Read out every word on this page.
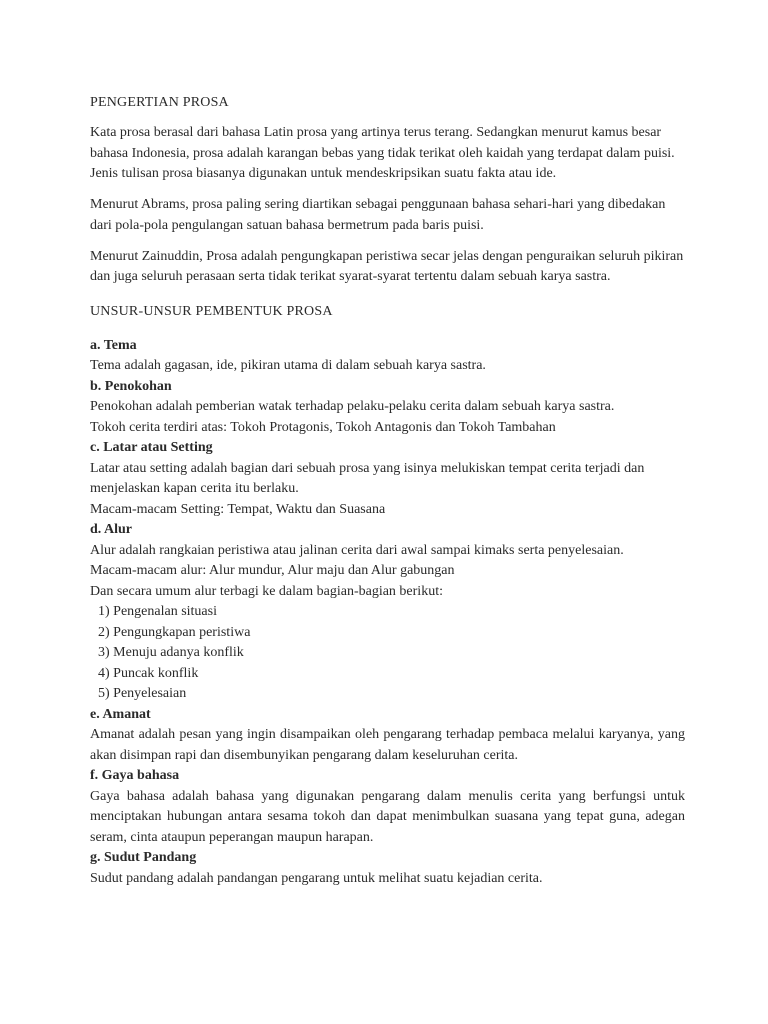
PENGERTIAN PROSA
Kata prosa berasal dari bahasa Latin prosa yang artinya terus terang. Sedangkan menurut kamus besar bahasa Indonesia, prosa adalah karangan bebas yang tidak terikat oleh kaidah yang terdapat dalam puisi. Jenis tulisan prosa biasanya digunakan untuk mendeskripsikan suatu fakta atau ide.
Menurut Abrams, prosa paling sering diartikan sebagai penggunaan bahasa sehari-hari yang dibedakan dari pola-pola pengulangan satuan bahasa bermetrum pada baris puisi.
Menurut Zainuddin, Prosa adalah pengungkapan peristiwa secar jelas dengan penguraikan seluruh pikiran dan juga seluruh perasaan serta tidak terikat syarat-syarat tertentu dalam sebuah karya sastra.
UNSUR-UNSUR PEMBENTUK PROSA
a. Tema
Tema adalah gagasan, ide, pikiran utama di dalam sebuah karya sastra.
b. Penokohan
Penokohan adalah pemberian watak terhadap pelaku-pelaku cerita dalam sebuah karya sastra.
Tokoh cerita terdiri atas: Tokoh Protagonis, Tokoh Antagonis dan Tokoh Tambahan
c. Latar atau Setting
Latar atau setting adalah bagian dari sebuah prosa yang isinya melukiskan tempat cerita terjadi dan menjelaskan kapan cerita itu berlaku.
Macam-macam Setting: Tempat, Waktu dan Suasana
d. Alur
Alur adalah rangkaian peristiwa atau jalinan cerita dari awal sampai kimaks serta penyelesaian.
Macam-macam alur: Alur mundur, Alur maju dan Alur gabungan
Dan secara umum alur terbagi ke dalam bagian-bagian berikut:
1) Pengenalan situasi
2) Pengungkapan peristiwa
3) Menuju adanya konflik
4) Puncak konflik
5) Penyelesaian
e. Amanat
Amanat adalah pesan yang ingin disampaikan oleh pengarang terhadap pembaca melalui karyanya, yang akan disimpan rapi dan disembunyikan pengarang dalam keseluruhan cerita.
f. Gaya bahasa
Gaya bahasa adalah bahasa yang digunakan pengarang dalam menulis cerita yang berfungsi untuk menciptakan hubungan antara sesama tokoh dan dapat menimbulkan suasana yang tepat guna, adegan seram, cinta ataupun peperangan maupun harapan.
g. Sudut Pandang
Sudut pandang adalah pandangan pengarang untuk melihat suatu kejadian cerita.
